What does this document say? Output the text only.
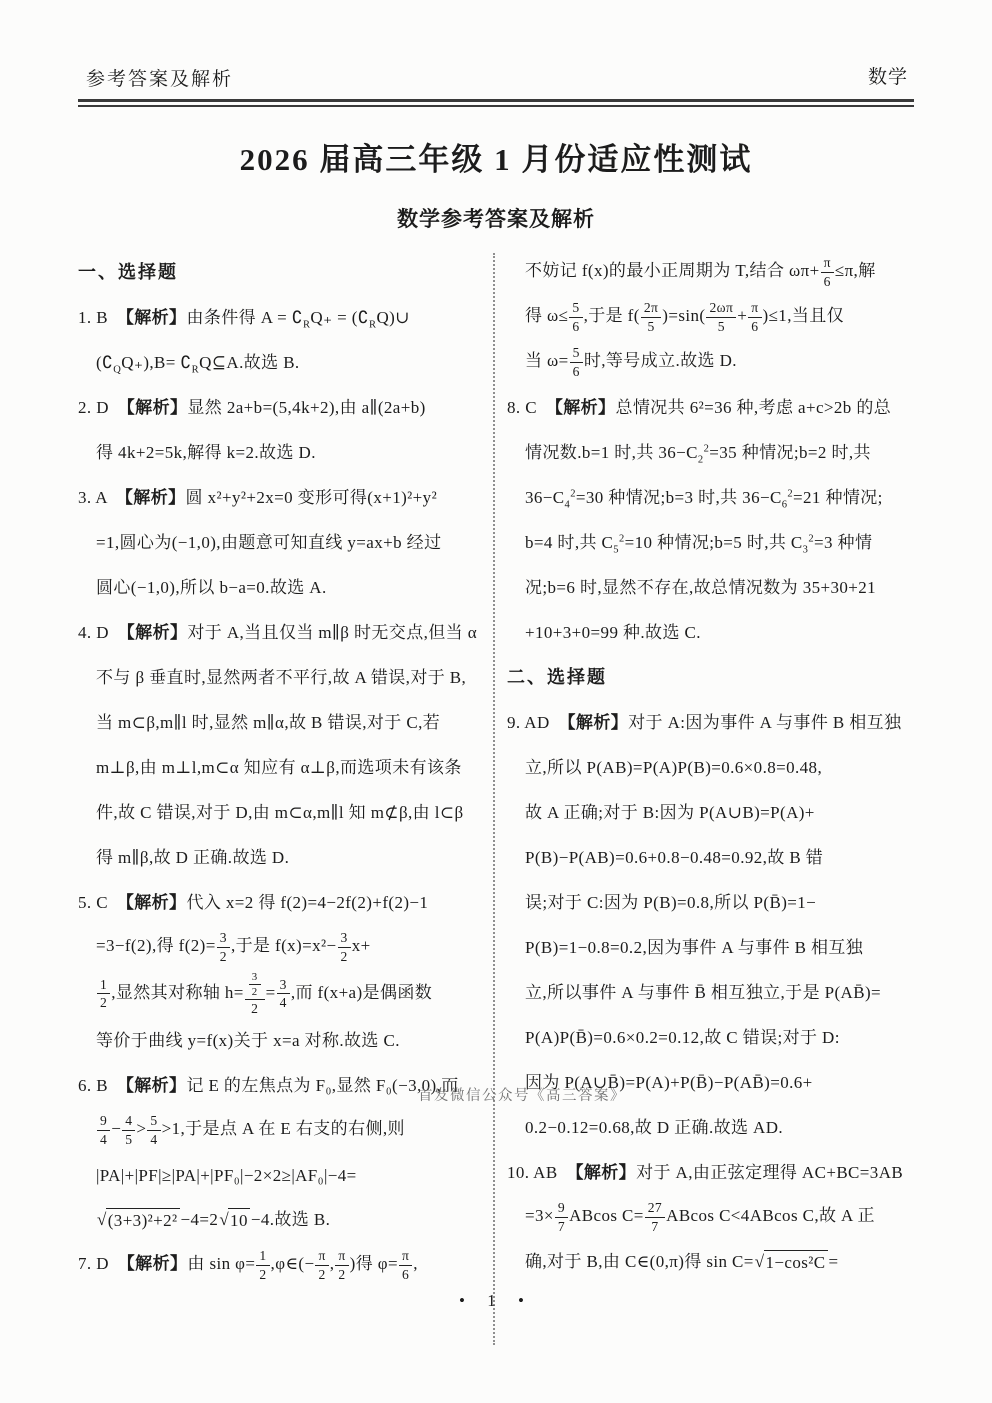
参考答案及解析	数学
2026 届高三年级 1 月份适应性测试
数学参考答案及解析
一、选择题
1. B　【解析】由条件得 $A = ∁_RQ_+$ = $(∁_RQ)\cup$
$(∁_QQ_+),B=$ $∁_RQ⊆A$.故选 B.
2. D　【解析】显然 2a+b=(5,4k+2),由 a∥(2a+b)
得 4k+2=5k,解得 k=2.故选 D.
3. A　【解析】圆 x²+y²+2x=0 变形可得(x+1)²+y²
=1,圆心为(−1,0),由题意可知直线 y=ax+b 经过
圆心(−1,0),所以 b−a=0.故选 A.
4. D　【解析】对于 A,当且仅当 m∥β 时无交点,但当 α
不与 β 垂直时,显然两者不平行,故 A 错误,对于 B,
当 m⊂β,m∥l 时,显然 m∥α,故 B 错误,对于 C,若
m⊥β,由 m⊥l,m⊂α 知应有 α⊥β,而选项未有该条
件,故 C 错误,对于 D,由 m⊂α,m∥l 知 m⊄β,由 l⊂β
得 m∥β,故 D 正确.故选 D.
5. C　【解析】代入 x=2 得 f(2)=4−2f(2)+f(2)−1
=3−f(2),得 $f(2)= \frac{3}{2}$ ,于是 $f(x)=x^2- \frac{3}{2} x+$
$\frac{1}{2}$ ,显然其对称轴 $h= \frac{\frac{3}{2}}{2} = \frac{3}{4}$ ,而 f(x+a)是偶函数
等价于曲线 y=f(x)关于 x=a 对称.故选 C.
6. B　【解析】记 E 的左焦点为 F₀,显然 F₀(−3,0),而
$\frac{9}{4} - \frac{4}{5} > \frac{5}{4} >1$,于是点 A 在 E 右支的右侧,则
|PA|+|PF|≥|PA|+|PF₀|−2×2≥|AF₀|−4=
√ (3+3)²+2² −4=2 √ 10 −4.故选 B.
7. D　【解析】由 $\sin \varphi= \frac{1}{2}$ ,φ∈(− $\frac{\pi}{2}$ , $\frac{\pi}{2}$ )得 $\varphi= \frac{\pi}{6}$ ,
不妨记 f(x)的最小正周期为 T,结合 $\omega\pi+ \frac{\pi}{6} \le\pi$,解
得 $\omega\le \frac{5}{6}$ ,于是 $f( \frac{2\pi}{5} )=\sin( \frac{2\omega\pi}{5} + \frac{\pi}{6} )\le 1$,当且仅
当 $\omega= \frac{5}{6}$ 时,等号成立.故选 D.
8. C　【解析】总情况共 6²=36 种,考虑 a+c>2b 的总
情况数.b=1 时,共 $36-C_2^2=35$ 种情况;b=2 时,共
$36-C_4^2=30$ 种情况;b=3 时,共 $36-C_6^2=21$ 种情况;
b=4 时,共 $C_5^2=10$ 种情况;b=5 时,共 $C_3^2=3$ 种情
况;b=6 时,显然不存在,故总情况数为 35+30+21
+10+3+0=99 种.故选 C.
二、选择题
9. AD　【解析】对于 A:因为事件 A 与事件 B 相互独
立,所以 P(AB)=P(A)P(B)=0.6×0.8=0.48,
故 A 正确;对于 B:因为 P(A∪B)=P(A)+
P(B)−P(AB)=0.6+0.8−0.48=0.92,故 B 错
误;对于 C:因为 P(B)=0.8,所以 P(B̄)=1−
P(B)=1−0.8=0.2,因为事件 A 与事件 B 相互独
立,所以事件 A 与事件 B̄ 相互独立,于是 P(AB̄)=
P(A)P(B̄)=0.6×0.2=0.12,故 C 错误;对于 D:
因为 P(A∪B̄)=P(A)+P(B̄)−P(AB̄)=0.6+
0.2−0.12=0.68,故 D 正确.故选 AD.
10. AB　【解析】对于 A,由正弦定理得 AC+BC=3AB
$=3\times \frac{9}{7}$ ABcos $C= \frac{27}{7}$ ABcos C<4ABcos C,故 A 正
确,对于 B,由 C∈(0,π)得 sin C= √ 1−cos²C =
首发微信公众号《高三答案》
• 1 •
